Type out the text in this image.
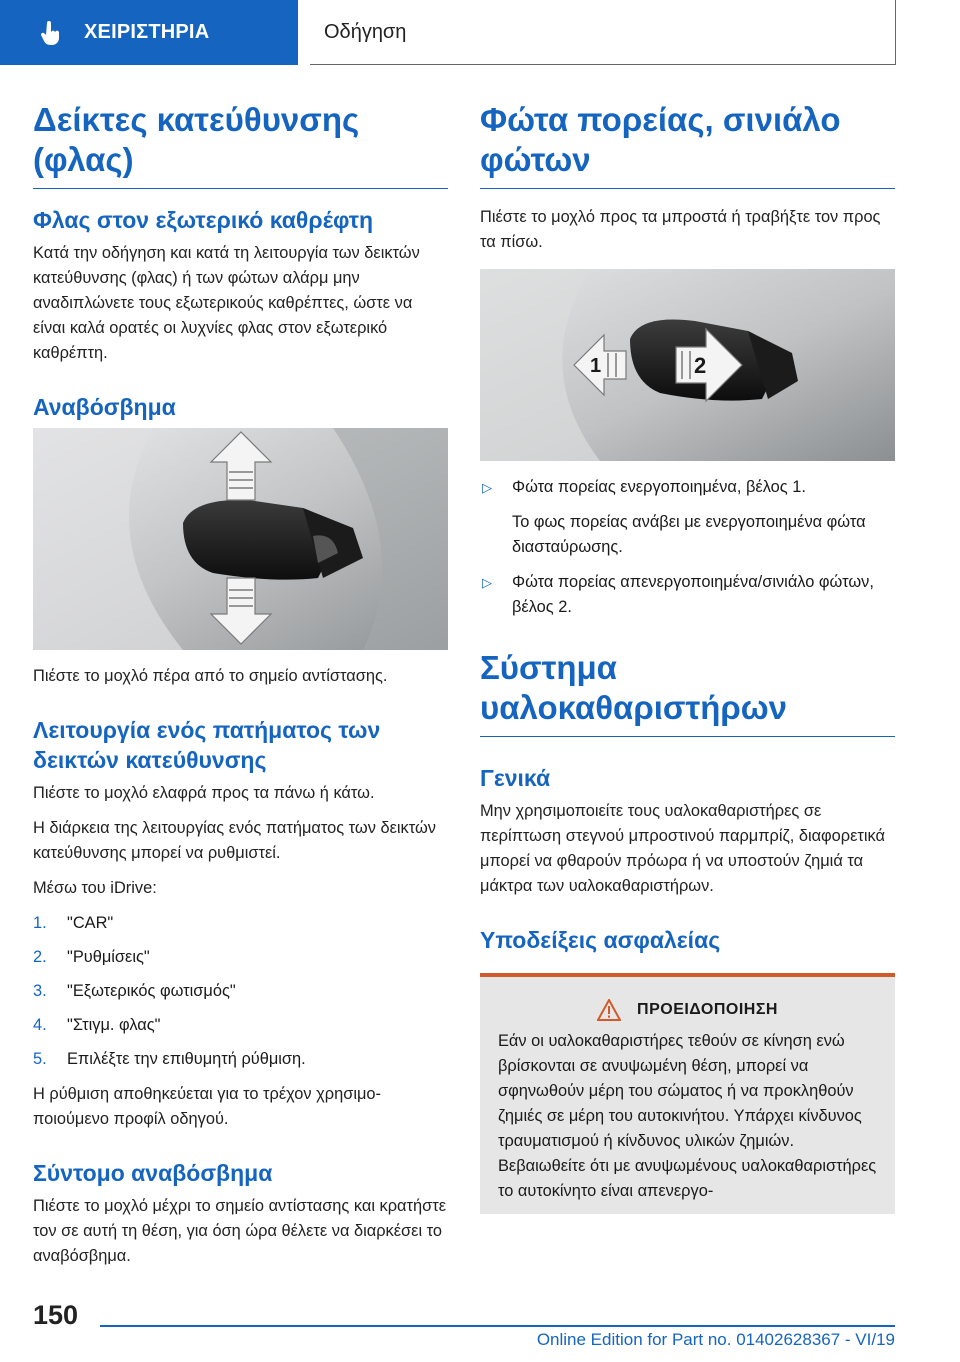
ΧΕΙΡΙΣΤΗΡΙΑ	Οδήγηση
Δείκτες κατεύθυνσης (φλας)
Φλας στον εξωτερικό καθρέφτη
Κατά την οδήγηση και κατά τη λειτουργία των δεικτών κατεύθυνσης (φλας) ή των φώτων αλάρμ μην αναδιπλώνετε τους εξωτερικούς καθρέπτες, ώστε να είναι καλά ορατές οι λυχνίες φλας στον εξωτερικό καθρέπτη.
Αναβόσβημα
Πιέστε το μοχλό πέρα από το σημείο αντίστασης.
Λειτουργία ενός πατήματος των δεικτών κατεύθυνσης
Πιέστε το μοχλό ελαφρά προς τα πάνω ή κάτω.
Η διάρκεια της λειτουργίας ενός πατήματος των δεικτών κατεύθυνσης μπορεί να ρυθμιστεί.
Μέσω του iDrive:
1.	"CAR"
2.	"Ρυθμίσεις"
3.	"Εξωτερικός φωτισμός"
4.	"Στιγμ. φλας"
5.	Επιλέξτε την επιθυμητή ρύθμιση.
Η ρύθμιση αποθηκεύεται για το τρέχον χρησιμοποιούμενο προφίλ οδηγού.
Σύντομο αναβόσβημα
Πιέστε το μοχλό μέχρι το σημείο αντίστασης και κρατήστε τον σε αυτή τη θέση, για όση ώρα θέλετε να διαρκέσει το αναβόσβημα.
Φώτα πορείας, σινιάλο φώτων
Πιέστε το μοχλό προς τα μπροστά ή τραβήξτε τον προς τα πίσω.
1	2
▷	Φώτα πορείας ενεργοποιημένα, βέλος 1.
Το φως πορείας ανάβει με ενεργοποιημένα φώτα διασταύρωσης.
▷	Φώτα πορείας απενεργοποιημένα/σινιάλο φώτων, βέλος 2.
Σύστημα υαλοκαθαριστήρων
Γενικά
Μην χρησιμοποιείτε τους υαλοκαθαριστήρες σε περίπτωση στεγνού μπροστινού παρμπρίζ, διαφορετικά μπορεί να φθαρούν πρόωρα ή να υποστούν ζημιά τα μάκτρα των υαλοκαθαριστήρων.
Υποδείξεις ασφαλείας
ΠΡΟΕΙΔΟΠΟΙΗΣΗ
Εάν οι υαλοκαθαριστήρες τεθούν σε κίνηση ενώ βρίσκονται σε ανυψωμένη θέση, μπορεί να σφηνωθούν μέρη του σώματος ή να προκληθούν ζημιές σε μέρη του αυτοκινήτου. Υπάρχει κίνδυνος τραυματισμού ή κίνδυνος υλικών ζημιών. Βεβαιωθείτε ότι με ανυψωμένους υαλοκαθαριστήρες το αυτοκίνητο είναι απενεργο-
150
Online Edition for Part no. 01402628367 - VI/19
